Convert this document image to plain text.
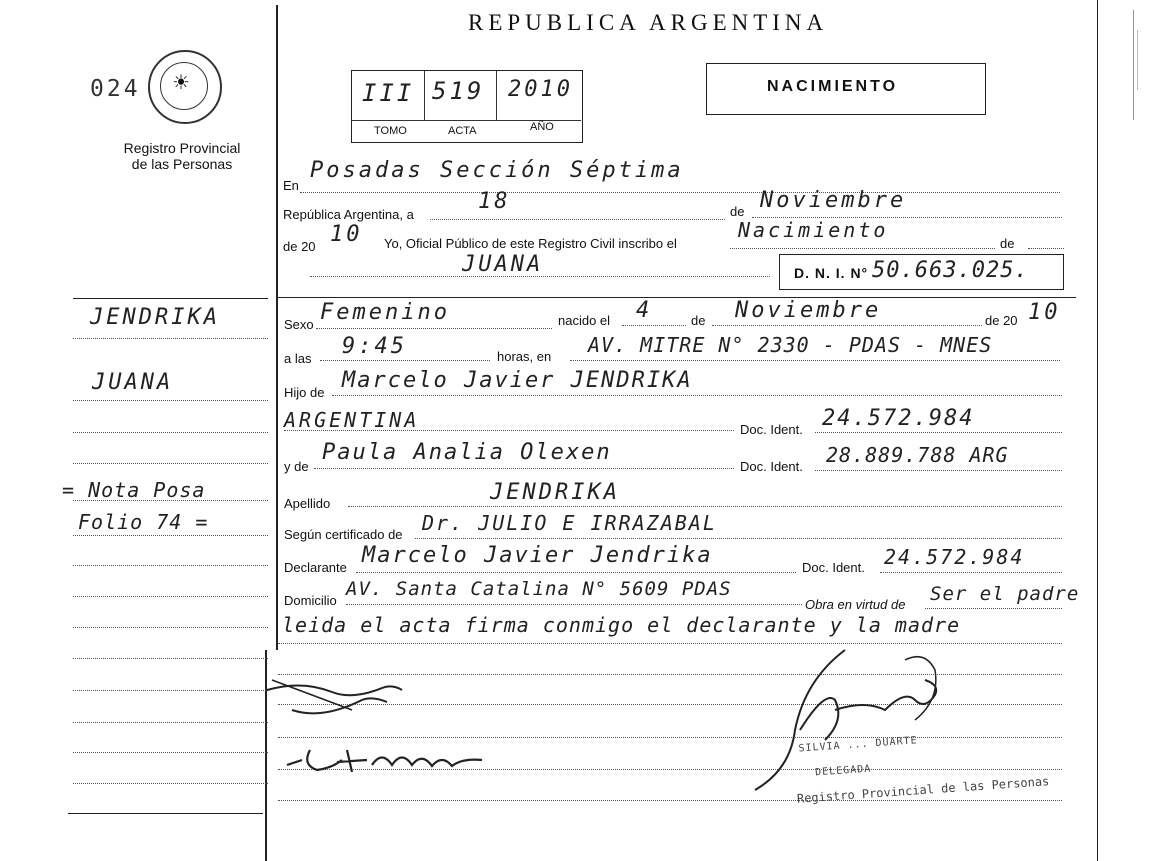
REPUBLICA ARGENTINA
024 ☀
Registro Provincial
de las Personas
III 519 2010
TOMO	ACTA	AÑO
NACIMIENTO
En
Posadas Sección Séptima
República Argentina, a
18	de Noviembre
de 20 10 Yo, Oficial Público de este Registro Civil inscribo el
Nacimiento
de
JUANA	D. N. I. N° 50.663.025.
JENDRIKA
JUANA
= Nota Posa
Folio 74 =
Sexo Femenino	nacido el 4	de Noviembre	de 20 10
a las 9:45	horas, en AV. MITRE N° 2330 - PDAS - MNES
Hijo de Marcelo Javier JENDRIKA
ARGENTINA	Doc. Ident. 24.572.984
y de
Paula Analia Olexen
Doc. Ident. 28.889.788 ARG
Apellido	JENDRIKA
Según certificado de Dr. JULIO E IRRAZABAL
Declarante Marcelo Javier Jendrika	Doc. Ident. 24.572.984
Domicilio
AV. Santa Catalina N° 5609 PDAS
Obra en virtud de Ser el padre
leida el acta firma conmigo el declarante y la madre
SILVIA ... DUARTE
DELEGADA
Registro Provincial de las Personas
